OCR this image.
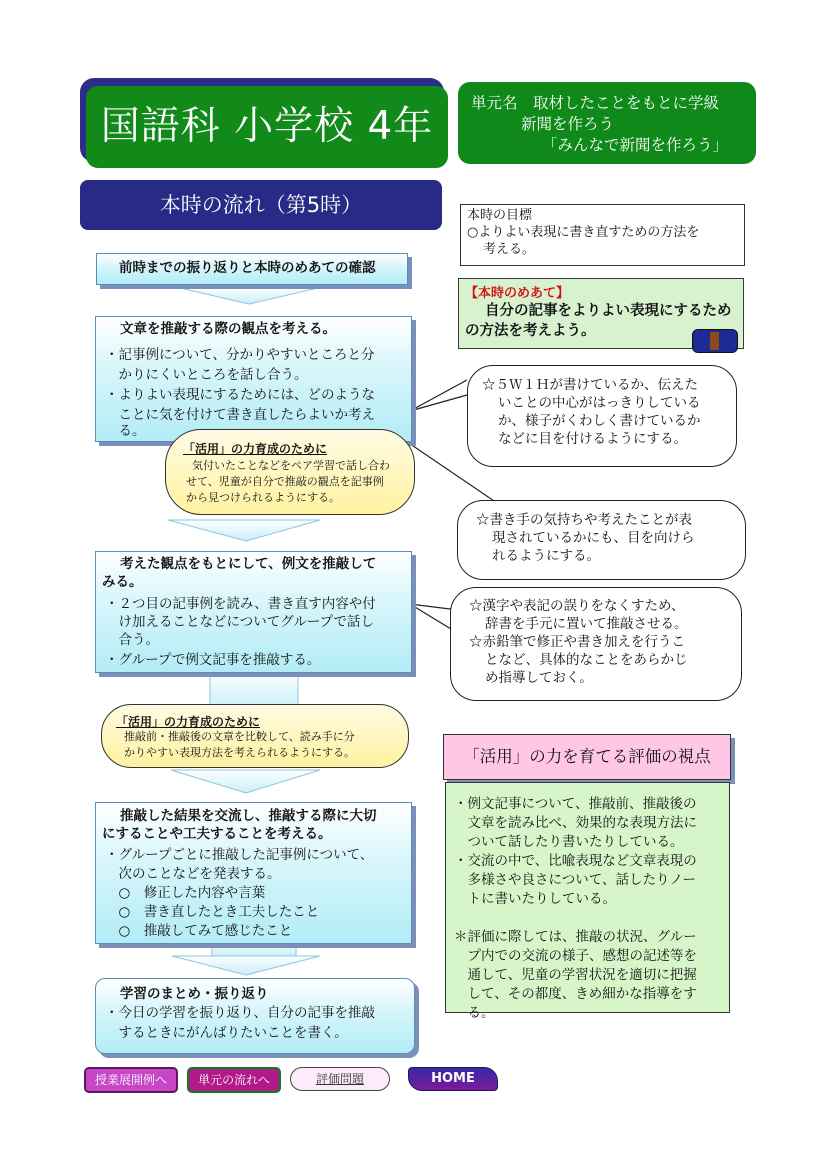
国語科 小学校 4年
単元名　取材したことをもとに学級
新聞を作ろう
「みんなで新聞を作ろう」
本時の流れ（第5時）	本時の目標
○よりよい表現に書き直すための方法を
考える。
【本時のめあて】
自分の記事をよりよい表現にするため
の方法を考えよう。
前時までの振り返りと本時のめあての確認
文章を推敲する際の観点を考える。
・記事例について、分かりやすいところと分
　かりにくいところを話し合う。
・よりよい表現にするためには、どのような
　ことに気を付けて書き直したらよいか考え
　る。
「活用」の力育成のために
気付いたことなどをペア学習で話し合わ
せて、児童が自分で推敲の観点を記事例
から見つけられるようにする。
考えた観点をもとにして、例文を推敲して
みる。
・２つ目の記事例を読み、書き直す内容や付
　け加えることなどについてグループで話し
　合う。
・グループで例文記事を推敲する。
「活用」の力育成のために
推敲前・推敲後の文章を比較して、読み手に分
かりやすい表現方法を考えられるようにする。
推敲した結果を交流し、推敲する際に大切
にすることや工夫することを考える。
・グループごとに推敲した記事例について、
　次のことなどを発表する。
　○　修正した内容や言葉
　○　書き直したとき工夫したこと
　○　推敲してみて感じたこと
学習のまとめ・振り返り
・今日の学習を振り返り、自分の記事を推敲
　するときにがんばりたいことを書く。
☆５Ｗ１Ｈが書けているか、伝えた
いことの中心がはっきりしている
か、様子がくわしく書けているか
などに目を付けるようにする。
☆書き手の気持ちや考えたことが表
現されているかにも、目を向けら
れるようにする。
☆漢字や表記の誤りをなくすため、
辞書を手元に置いて推敲させる。
☆赤鉛筆で修正や書き加えを行うこ
となど、具体的なことをあらかじ
め指導しておく。
「活用」の力を育てる評価の視点
・例文記事について、推敲前、推敲後の
　文章を読み比べ、効果的な表現方法に
　ついて話したり書いたりしている。
・交流の中で、比喩表現など文章表現の
　多様さや良さについて、話したりノー
　トに書いたりしている。
＊評価に際しては、推敲の状況、グルー
　プ内での交流の様子、感想の記述等を
　通して、児童の学習状況を適切に把握
　して、その都度、きめ細かな指導をす
　る。
授業展開例へ	単元の流れへ	評価問題	HOME
